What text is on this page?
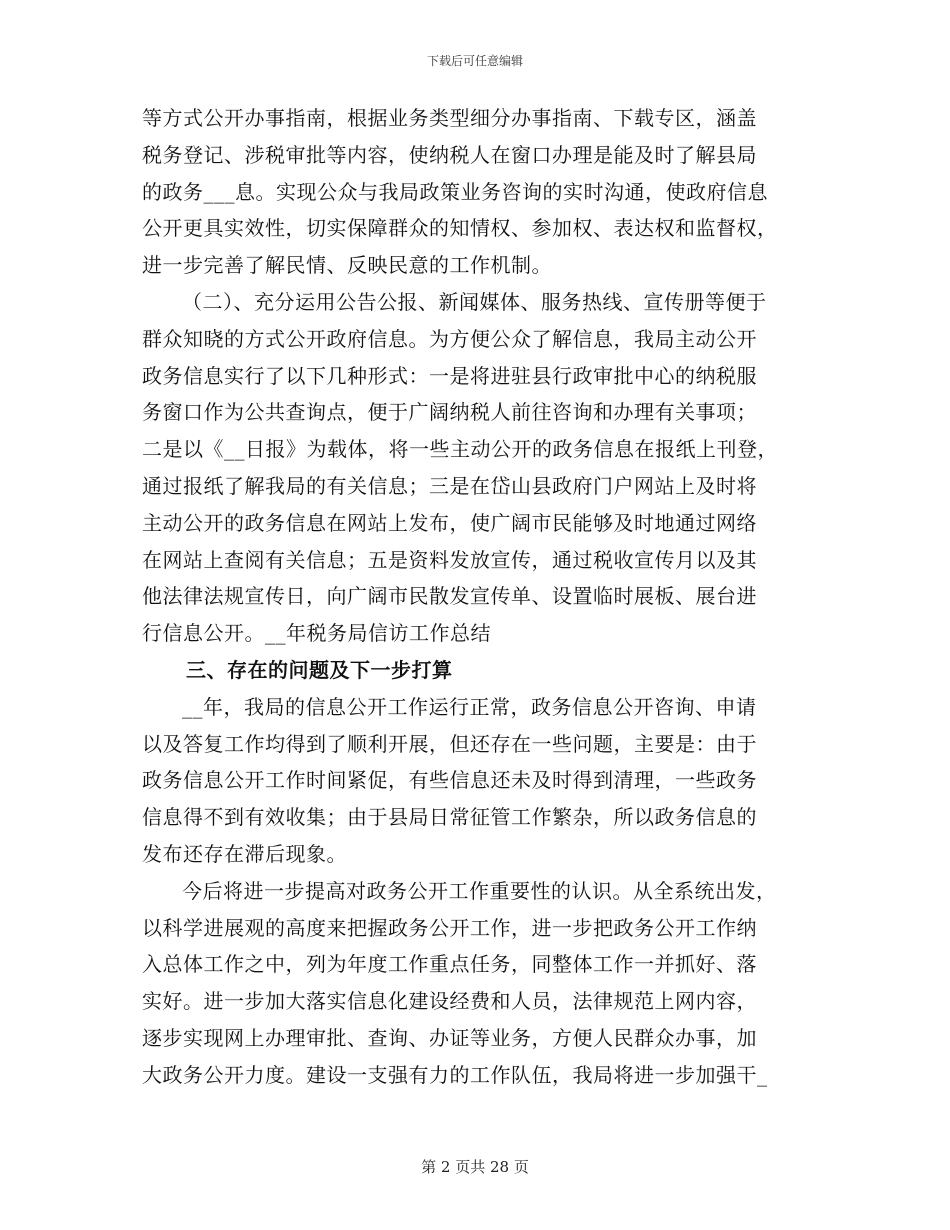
下载后可任意编辑
等方式公开办事指南，根据业务类型细分办事指南、下载专区，涵盖
税务登记、涉税审批等内容，使纳税人在窗口办理是能及时了解县局
的政务___息。实现公众与我局政策业务咨询的实时沟通，使政府信息
公开更具实效性，切实保障群众的知情权、参加权、表达权和监督权，
进一步完善了解民情、反映民意的工作机制。
（二）、充分运用公告公报、新闻媒体、服务热线、宣传册等便于
群众知晓的方式公开政府信息。为方便公众了解信息，我局主动公开
政务信息实行了以下几种形式：一是将进驻县行政审批中心的纳税服
务窗口作为公共查询点，便于广阔纳税人前往咨询和办理有关事项；
二是以《__日报》为载体，将一些主动公开的政务信息在报纸上刊登，
通过报纸了解我局的有关信息；三是在岱山县政府门户网站上及时将
主动公开的政务信息在网站上发布，使广阔市民能够及时地通过网络
在网站上查阅有关信息；五是资料发放宣传，通过税收宣传月以及其
他法律法规宣传日，向广阔市民散发宣传单、设置临时展板、展台进
行信息公开。__年税务局信访工作总结
三、存在的问题及下一步打算
__年，我局的信息公开工作运行正常，政务信息公开咨询、申请
以及答复工作均得到了顺利开展，但还存在一些问题，主要是：由于
政务信息公开工作时间紧促，有些信息还未及时得到清理，一些政务
信息得不到有效收集；由于县局日常征管工作繁杂，所以政务信息的
发布还存在滞后现象。
今后将进一步提高对政务公开工作重要性的认识。从全系统出发，
以科学进展观的高度来把握政务公开工作，进一步把政务公开工作纳
入总体工作之中，列为年度工作重点任务，同整体工作一并抓好、落
实好。进一步加大落实信息化建设经费和人员，法律规范上网内容，
逐步实现网上办理审批、查询、办证等业务，方便人民群众办事，加
大政务公开力度。建设一支强有力的工作队伍，我局将进一步加强干_
第 2 页共 28 页
